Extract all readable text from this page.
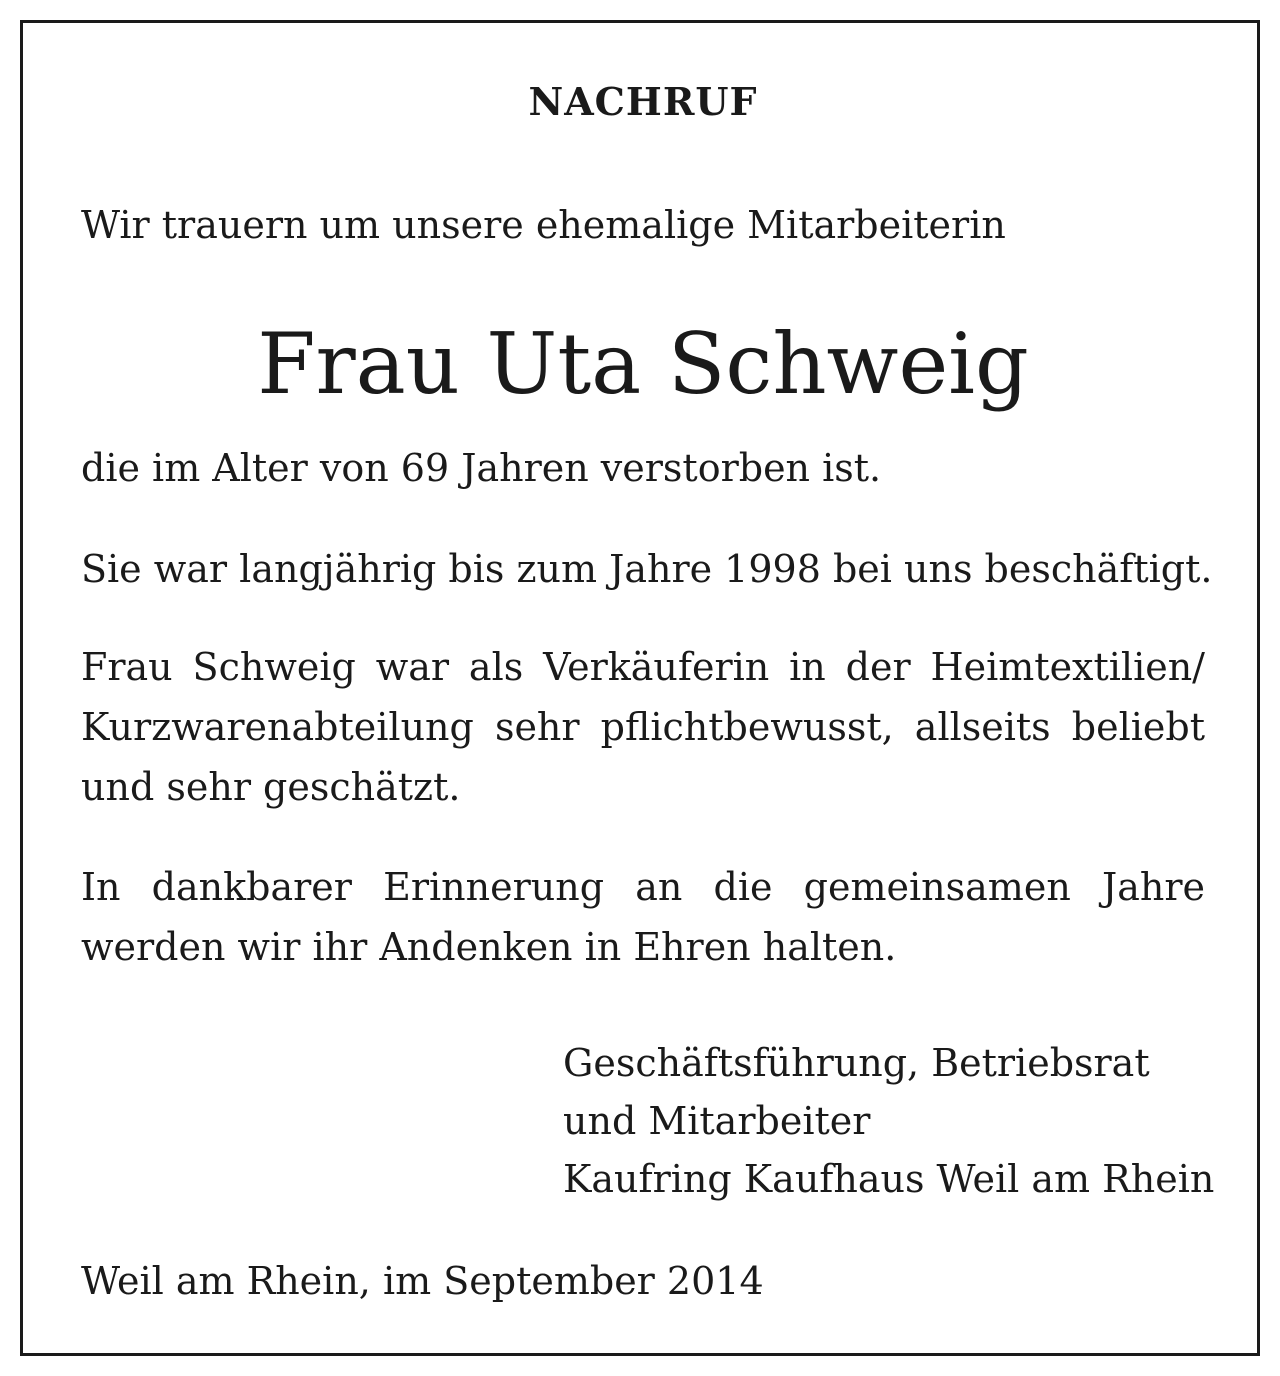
NACHRUF
Wir trauern um unsere ehemalige Mitarbeiterin
Frau Uta Schweig
die im Alter von 69 Jahren verstorben ist.
Sie war langjährig bis zum Jahre 1998 bei uns beschäftigt.
Frau Schweig war als Verkäuferin in der Heimtextilien/ Kurzwarenabteilung sehr pflichtbewusst, allseits beliebt und sehr geschätzt.
In dankbarer Erinnerung an die gemeinsamen Jahre werden wir ihr Andenken in Ehren halten.
Geschäftsführung, Betriebsrat
und Mitarbeiter
Kaufring Kaufhaus Weil am Rhein
Weil am Rhein, im September 2014
